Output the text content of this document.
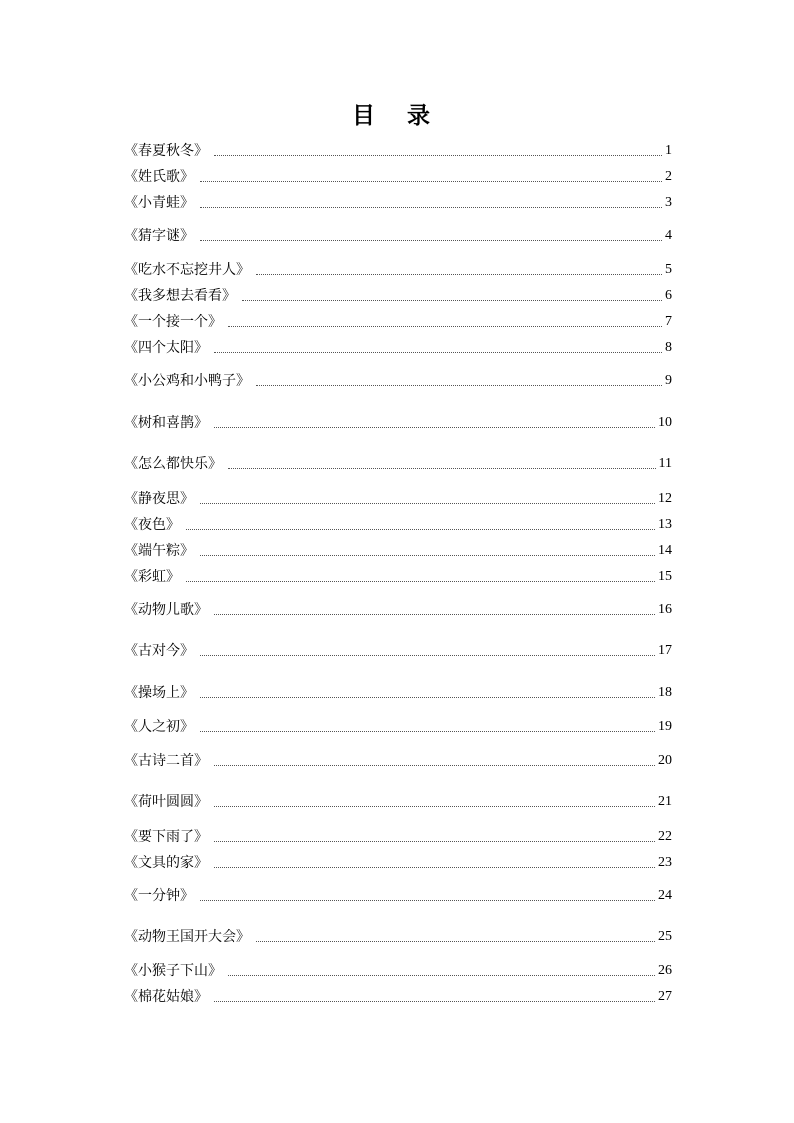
目 录
《春夏秋冬》	1
《姓氏歌》	2
《小青蛙》	3
《猜字谜》	4
《吃水不忘挖井人》	5
《我多想去看看》	6
《一个接一个》	7
《四个太阳》	8
《小公鸡和小鸭子》	9
《树和喜鹊》	10
《怎么都快乐》	11
《静夜思》	12
《夜色》	13
《端午粽》	14
《彩虹》	15
《动物儿歌》	16
《古对今》	17
《操场上》	18
《人之初》	19
《古诗二首》	20
《荷叶圆圆》	21
《要下雨了》	22
《文具的家》	23
《一分钟》	24
《动物王国开大会》	25
《小猴子下山》	26
《棉花姑娘》	27
